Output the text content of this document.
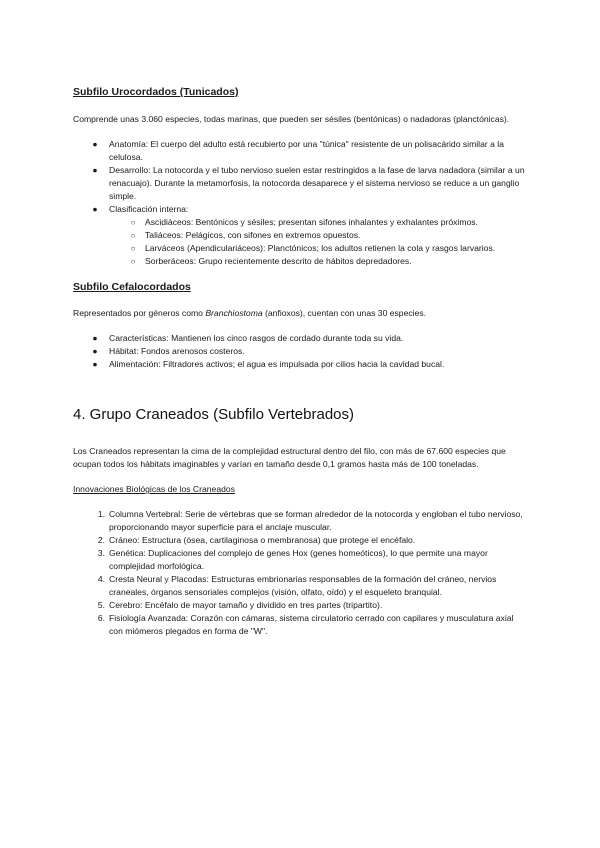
Subfilo Urocordados (Tunicados)

Comprende unas 3.060 especies, todas marinas, que pueden ser sésiles (bentónicas) o nadadoras (planctónicas).

●	Anatomía: El cuerpo del adulto está recubierto por una "túnica" resistente de un polisacárido similar a la celulosa.
●	Desarrollo: La notocorda y el tubo nervioso suelen estar restringidos a la fase de larva nadadora (similar a un renacuajo). Durante la metamorfosis, la notocorda desaparece y el sistema nervioso se reduce a un ganglio simple.
●	Clasificación interna:
○	Ascidiáceos: Bentónicos y sésiles; presentan sifones inhalantes y exhalantes próximos.
○	Taliáceos: Pelágicos, con sifones en extremos opuestos.
○	Larváceos (Apendiculariáceos): Planctónicos; los adultos retienen la cola y rasgos larvarios.
○	Sorberáceos: Grupo recientemente descrito de hábitos depredadores.

Subfilo Cefalocordados

Representados por géneros como Branchiostoma (anfioxos), cuentan con unas 30 especies.

●	Características: Mantienen los cinco rasgos de cordado durante toda su vida.
●	Hábitat: Fondos arenosos costeros.
●	Alimentación: Filtradores activos; el agua es impulsada por cilios hacia la cavidad bucal.

4. Grupo Craneados (Subfilo Vertebrados)

Los Craneados representan la cima de la complejidad estructural dentro del filo, con más de 67.600 especies que ocupan todos los hábitats imaginables y varían en tamaño desde 0,1 gramos hasta más de 100 toneladas.

Innovaciones Biológicas de los Craneados

1. Columna Vertebral: Serie de vértebras que se forman alrededor de la notocorda y engloban el tubo nervioso, proporcionando mayor superficie para el anclaje muscular.
2. Cráneo: Estructura (ósea, cartilaginosa o membranosa) que protege el encéfalo.
3. Genética: Duplicaciones del complejo de genes Hox (genes homeóticos), lo que permite una mayor complejidad morfológica.
4. Cresta Neural y Placodas: Estructuras embrionarias responsables de la formación del cráneo, nervios craneales, órganos sensoriales complejos (visión, olfato, oído) y el esqueleto branquial.
5. Cerebro: Encéfalo de mayor tamaño y dividido en tres partes (tripartito).
6. Fisiología Avanzada: Corazón con cámaras, sistema circulatorio cerrado con capilares y musculatura axial con miómeros plegados en forma de "W".
